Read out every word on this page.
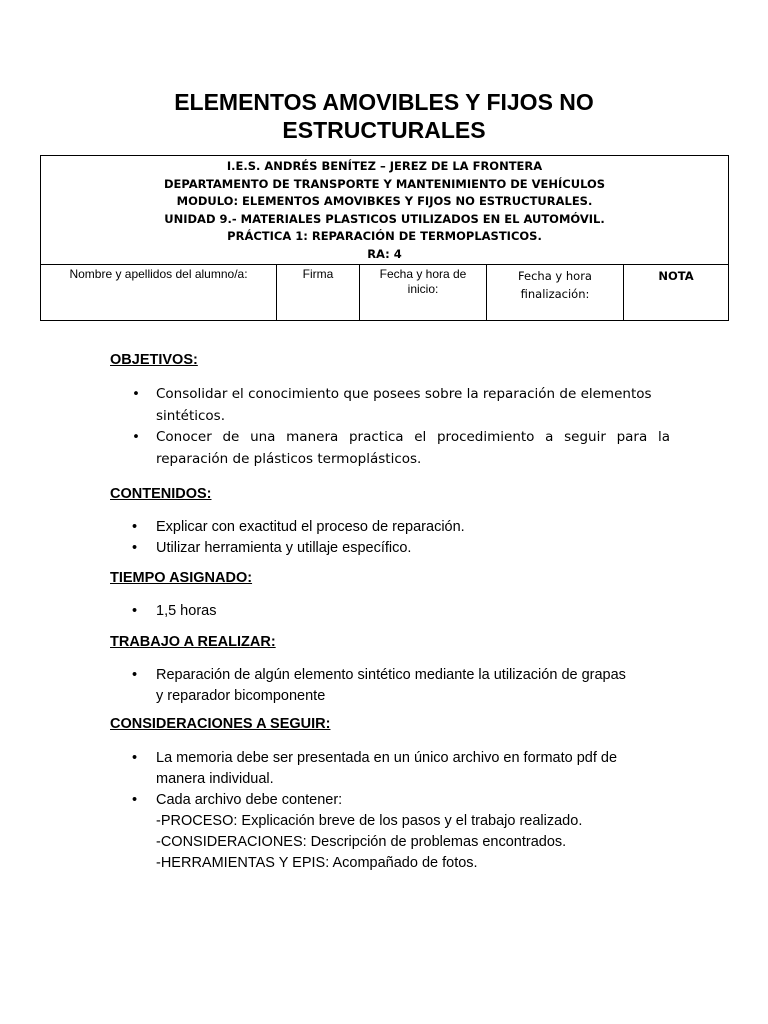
ELEMENTOS AMOVIBLES Y FIJOS NO
ESTRUCTURALES
I.E.S. ANDRÉS BENÍTEZ – JEREZ DE LA FRONTERA
DEPARTAMENTO DE TRANSPORTE Y MANTENIMIENTO DE VEHÍCULOS
MODULO: ELEMENTOS AMOVIBKES Y FIJOS NO ESTRUCTURALES.
UNIDAD 9.- MATERIALES PLASTICOS UTILIZADOS EN EL AUTOMÓVIL.
PRÁCTICA 1: REPARACIÓN DE TERMOPLASTICOS.
RA: 4
Nombre y apellidos del alumno/a:	Firma	Fecha y hora de
inicio:
Fecha y hora
finalización:
NOTA
OBJETIVOS:
• Consolidar el conocimiento que posees sobre la reparación de elementos
sintéticos.
• Conocer de una manera practica el procedimiento a seguir para la
reparación de plásticos termoplásticos.
CONTENIDOS:
• Explicar con exactitud el proceso de reparación.
• Utilizar herramienta y utillaje específico.
TIEMPO ASIGNADO:
• 1,5 horas
TRABAJO A REALIZAR:
• Reparación de algún elemento sintético mediante la utilización de grapas
y reparador bicomponente
CONSIDERACIONES A SEGUIR:
• La memoria debe ser presentada en un único archivo en formato pdf de
manera individual.
• Cada archivo debe contener:
-PROCESO: Explicación breve de los pasos y el trabajo realizado.
-CONSIDERACIONES: Descripción de problemas encontrados.
-HERRAMIENTAS Y EPIS: Acompañado de fotos.
